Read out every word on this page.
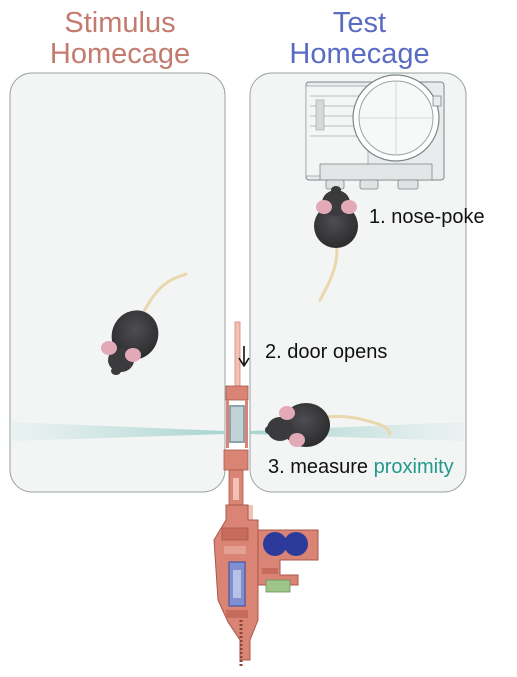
Stimulus
Homecage
Test
Homecage
1. nose-poke
2. door opens
3. measure proximity
